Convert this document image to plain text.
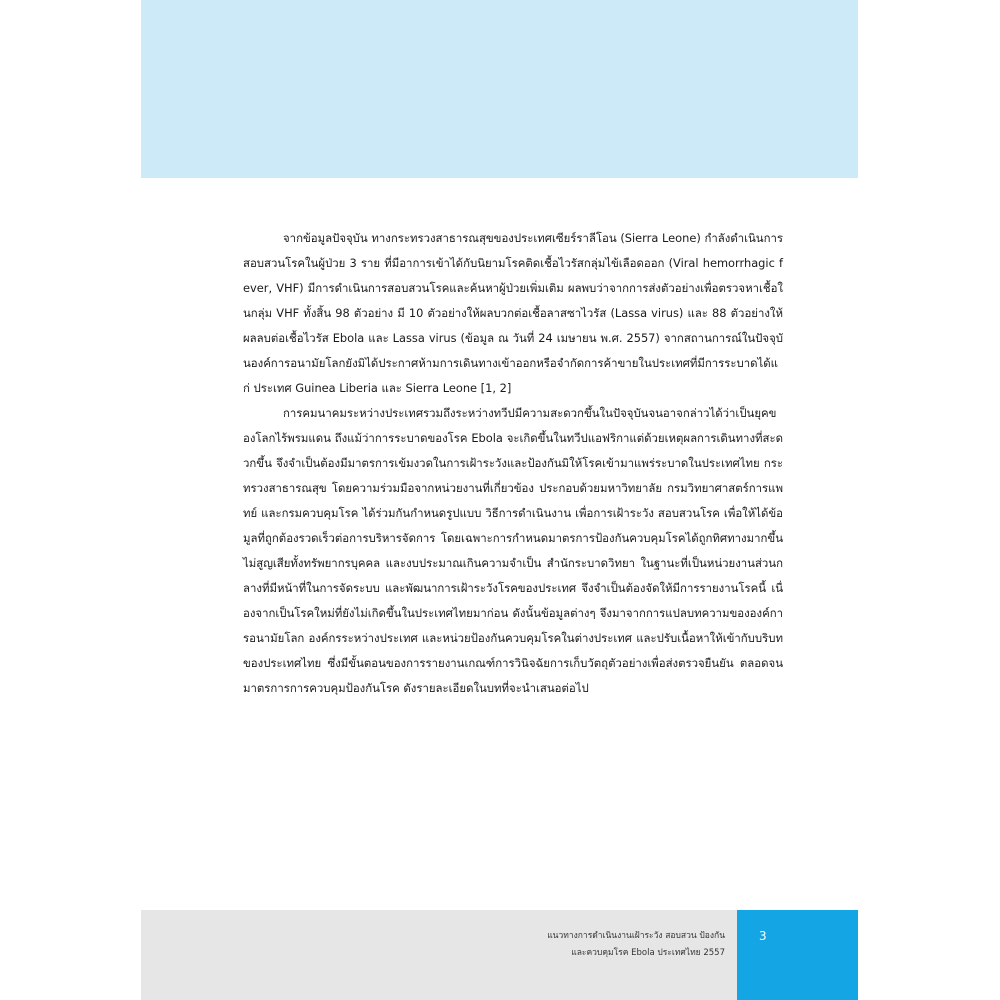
จากข้อมูลปัจจุบัน ทางกระทรวงสาธารณสุขของประเทศเซียร์ราลีโอน (Sierra Leone) กำลังดำเนินการสอบสวนโรคในผู้ป่วย 3 ราย ที่มีอาการเข้าได้กับนิยามโรคติดเชื้อไวรัสกลุ่มไข้เลือดออก (Viral hemorrhagic fever, VHF) มีการดำเนินการสอบสวนโรคและค้นหาผู้ป่วยเพิ่มเติม ผลพบว่าจากการส่งตัวอย่างเพื่อตรวจหาเชื้อในกลุ่ม VHF ทั้งสิ้น 98 ตัวอย่าง มี 10 ตัวอย่างให้ผลบวกต่อเชื้อลาสซาไวรัส (Lassa virus) และ 88 ตัวอย่างให้ผลลบต่อเชื้อไวรัส Ebola และ Lassa virus (ข้อมูล ณ วันที่ 24 เมษายน พ.ศ. 2557) จากสถานการณ์ในปัจจุบันองค์การอนามัยโลกยังมิได้ประกาศห้ามการเดินทางเข้าออกหรือจำกัดการค้าขายในประเทศที่มีการระบาดได้แก่ ประเทศ Guinea Liberia และ Sierra Leone [1, 2]

การคมนาคมระหว่างประเทศรวมถึงระหว่างทวีปมีความสะดวกขึ้นในปัจจุบันจนอาจกล่าวได้ว่าเป็นยุคของโลกไร้พรมแดน ถึงแม้ว่าการระบาดของโรค Ebola จะเกิดขึ้นในทวีปแอฟริกาแต่ด้วยเหตุผลการเดินทางที่สะดวกขึ้น จึงจำเป็นต้องมีมาตรการเข้มงวดในการเฝ้าระวังและป้องกันมิให้โรคเข้ามาแพร่ระบาดในประเทศไทย กระทรวงสาธารณสุข โดยความร่วมมือจากหน่วยงานที่เกี่ยวข้อง ประกอบด้วยมหาวิทยาลัย กรมวิทยาศาสตร์การแพทย์ และกรมควบคุมโรค ได้ร่วมกันกำหนดรูปแบบ วิธีการดำเนินงาน เพื่อการเฝ้าระวัง สอบสวนโรค เพื่อให้ได้ข้อมูลที่ถูกต้องรวดเร็วต่อการบริหารจัดการ โดยเฉพาะการกำหนดมาตรการป้องกันควบคุมโรคได้ถูกทิศทางมากขึ้น ไม่สูญเสียทั้งทรัพยากรบุคคล และงบประมาณเกินความจำเป็น สำนักระบาดวิทยา ในฐานะที่เป็นหน่วยงานส่วนกลางที่มีหน้าที่ในการจัดระบบ และพัฒนาการเฝ้าระวังโรคของประเทศ จึงจำเป็นต้องจัดให้มีการรายงานโรคนี้ เนื่องจากเป็นโรคใหม่ที่ยังไม่เกิดขึ้นในประเทศไทยมาก่อน ดังนั้นข้อมูลต่างๆ จึงมาจากการแปลบทความขององค์การอนามัยโลก องค์กรระหว่างประเทศ และหน่วยป้องกันควบคุมโรคในต่างประเทศ และปรับเนื้อหาให้เข้ากับบริบทของประเทศไทย ซึ่งมีขั้นตอนของการรายงานเกณฑ์การวินิจฉัยการเก็บวัตถุตัวอย่างเพื่อส่งตรวจยืนยัน ตลอดจนมาตรการการควบคุมป้องกันโรค ดังรายละเอียดในบทที่จะนำเสนอต่อไป

แนวทางการดำเนินงานเฝ้าระวัง สอบสวน ป้องกัน
และควบคุมโรค Ebola ประเทศไทย 2557
3
